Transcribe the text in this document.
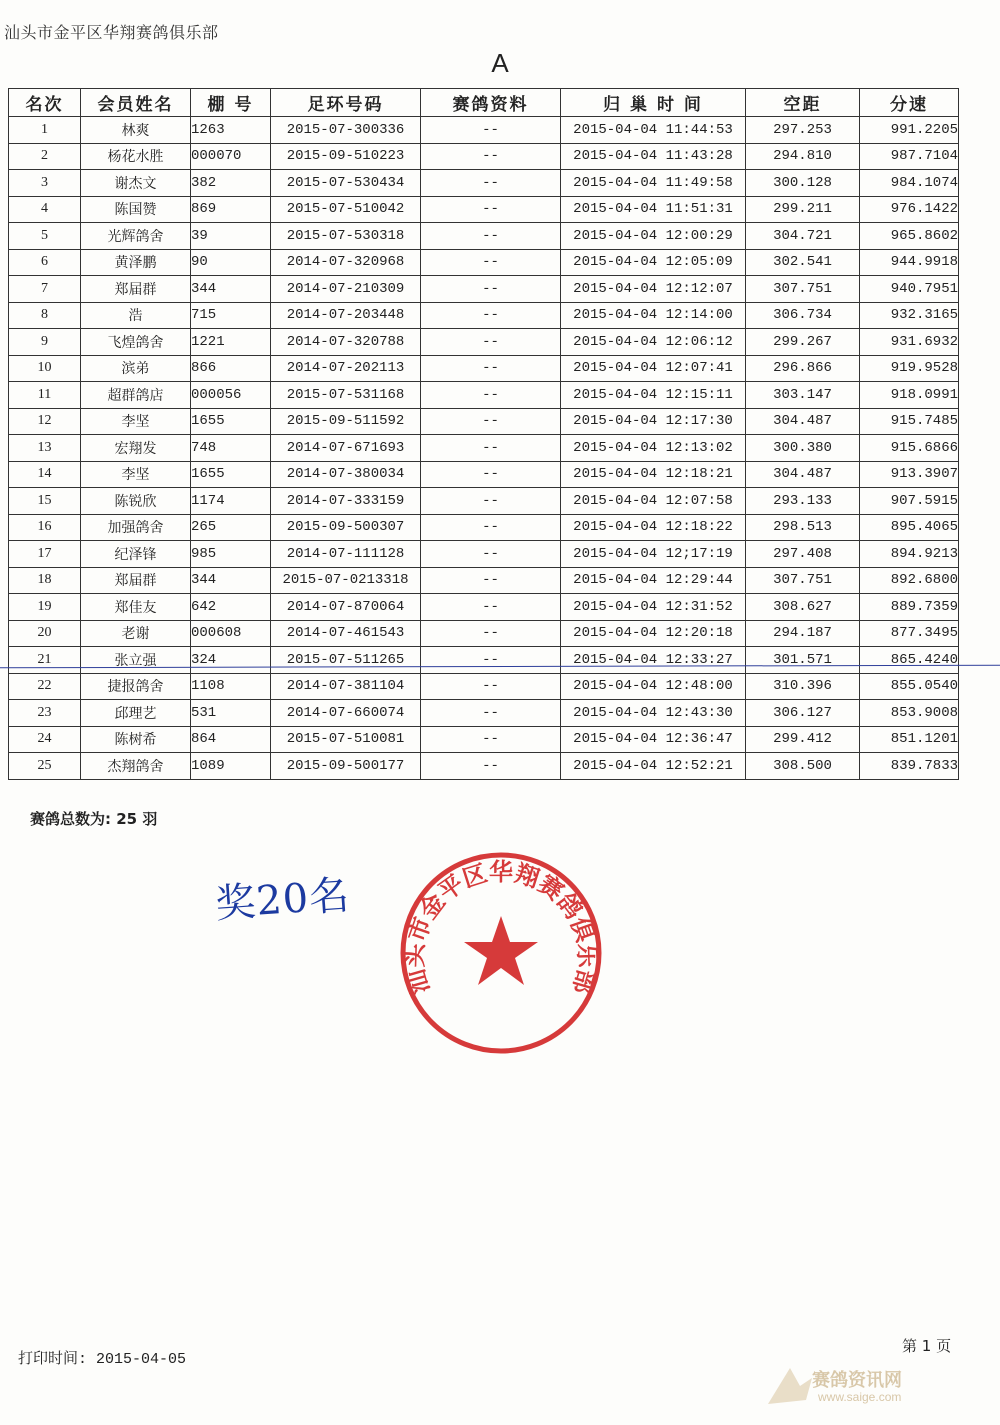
汕头市金平区华翔赛鸽俱乐部
A
名次	会员姓名	棚 号	足环号码	赛鸽资料	归 巢 时 间	空距	分速
1	林爽	1263	2015-07-300336	--	2015-04-04 11:44:53	297.253	991.2205
2	杨花水胜	000070	2015-09-510223	--	2015-04-04 11:43:28	294.810	987.7104
3	谢杰文	382	2015-07-530434	--	2015-04-04 11:49:58	300.128	984.1074
4	陈国赞	869	2015-07-510042	--	2015-04-04 11:51:31	299.211	976.1422
5	光辉鸽舍	39	2015-07-530318	--	2015-04-04 12:00:29	304.721	965.8602
6	黄泽鹏	90	2014-07-320968	--	2015-04-04 12:05:09	302.541	944.9918
7	郑届群	344	2014-07-210309	--	2015-04-04 12:12:07	307.751	940.7951
8	浩	715	2014-07-203448	--	2015-04-04 12:14:00	306.734	932.3165
9	飞煌鸽舍	1221	2014-07-320788	--	2015-04-04 12:06:12	299.267	931.6932
10	滨弟	866	2014-07-202113	--	2015-04-04 12:07:41	296.866	919.9528
11	超群鸽店	000056	2015-07-531168	--	2015-04-04 12:15:11	303.147	918.0991
12	李坚	1655	2015-09-511592	--	2015-04-04 12:17:30	304.487	915.7485
13	宏翔发	748	2014-07-671693	--	2015-04-04 12:13:02	300.380	915.6866
14	李坚	1655	2014-07-380034	--	2015-04-04 12:18:21	304.487	913.3907
15	陈锐欣	1174	2014-07-333159	--	2015-04-04 12:07:58	293.133	907.5915
16	加强鸽舍	265	2015-09-500307	--	2015-04-04 12:18:22	298.513	895.4065
17	纪泽锋	985	2014-07-111128	--	2015-04-04 12;17:19	297.408	894.9213
18	郑届群	344	2015-07-0213318	--	2015-04-04 12:29:44	307.751	892.6800
19	郑佳友	642	2014-07-870064	--	2015-04-04 12:31:52	308.627	889.7359
20	老谢	000608	2014-07-461543	--	2015-04-04 12:20:18	294.187	877.3495
21	张立强	324	2015-07-511265	--	2015-04-04 12:33:27	301.571	865.4240
22	捷报鸽舍	1108	2014-07-381104	--	2015-04-04 12:48:00	310.396	855.0540
23	邱理艺	531	2014-07-660074	--	2015-04-04 12:43:30	306.127	853.9008
24	陈树希	864	2015-07-510081	--	2015-04-04 12:36:47	299.412	851.1201
25	杰翔鸽舍	1089	2015-09-500177	--	2015-04-04 12:52:21	308.500	839.7833
赛鸽总数为: 25 羽
奖20名
汕头市金平区华翔赛鸽俱乐部
打印时间: 2015-04-05
第 1 页
赛鸽资讯网
www.saige.com
